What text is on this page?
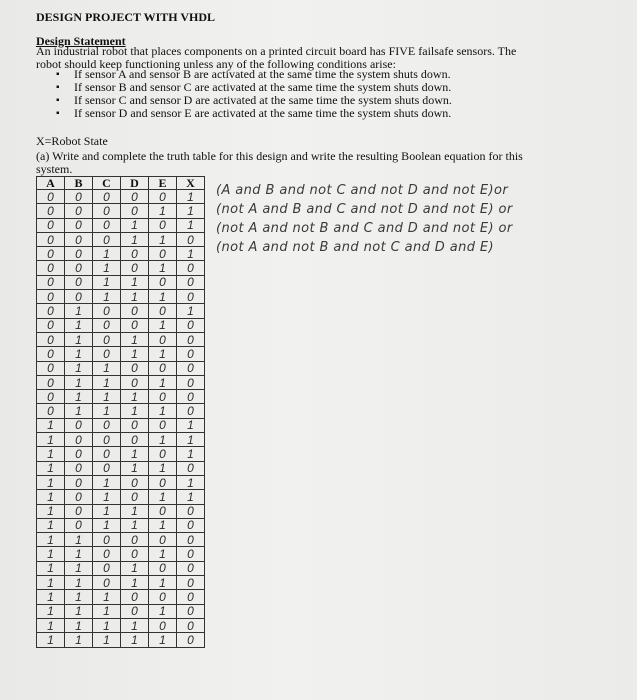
DESIGN PROJECT WITH VHDL
An industrial robot that places components on a printed circuit board has FIVE failsafe sensors. The
robot should keep functioning unless any of the following conditions arise:
Design Statement
▪ If sensor A and sensor B are activated at the same time the system shuts down.
▪ If sensor B and sensor C are activated at the same time the system shuts down.
▪ If sensor C and sensor D are activated at the same time the system shuts down.
▪ If sensor D and sensor E are activated at the same time the system shuts down.
X=Robot State
(a) Write and complete the truth table for this design and write the resulting Boolean equation for this
system.
A	B	C	D	E	X
0	0	0	0	0	1
0	0	0	0	1	1
0	0	0	1	0	1
0	0	0	1	1	0
0	0	1	0	0	1
0	0	1	0	1	0
0	0	1	1	0	0
0	0	1	1	1	0
0	1	0	0	0	1
0	1	0	0	1	0
0	1	0	1	0	0
0	1	0	1	1	0
0	1	1	0	0	0
0	1	1	0	1	0
0	1	1	1	0	0
0	1	1	1	1	0
1	0	0	0	0	1
1	0	0	0	1	1
1	0	0	1	0	1
1	0	0	1	1	0
1	0	1	0	0	1
1	0	1	0	1	1
1	0	1	1	0	0
1	0	1	1	1	0
1	1	0	0	0	0
1	1	0	0	1	0
1	1	0	1	0	0
1	1	0	1	1	0
1	1	1	0	0	0
1	1	1	0	1	0
1	1	1	1	0	0
1	1	1	1	1	0
(A and B and not C and not D and not E)or
(not A and B and C and not D and not E) or
(not A and not B and C and D and not E) or
(not A and not B and not C and D and E)
